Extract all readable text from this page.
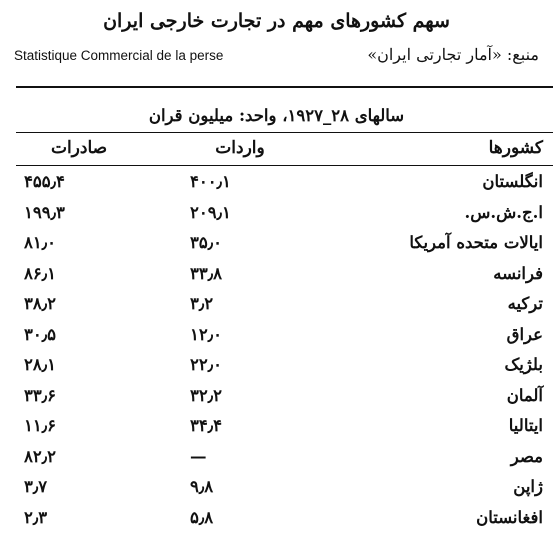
سهم کشورهای مهم در تجارت خارجی ایران
منبع: «آمار تجارتی ایران»
Statistique Commercial de la perse
سالهای ۲۸_۱۹۲۷، واحد: میلیون قران
کشورها
واردات
صادرات
انگلستان
۴۰۰٫۱
۴۵۵٫۴
ا.ج.ش.س.
۲۰۹٫۱
۱۹۹٫۳
ایالات متحده آمریکا
۳۵٫۰
۸۱٫۰
فرانسه
۳۳٫۸
۸۶٫۱
ترکیه
۳٫۲
۳۸٫۲
عراق
۱۲٫۰
۳۰٫۵
بلژیک
۲۲٫۰
۲۸٫۱
آلمان
۳۲٫۲
۳۳٫۶
ایتالیا
۳۴٫۴
۱۱٫۶
مصر
—
۸۲٫۲
ژاپن
۹٫۸
۳٫۷
افغانستان
۵٫۸
۲٫۳
